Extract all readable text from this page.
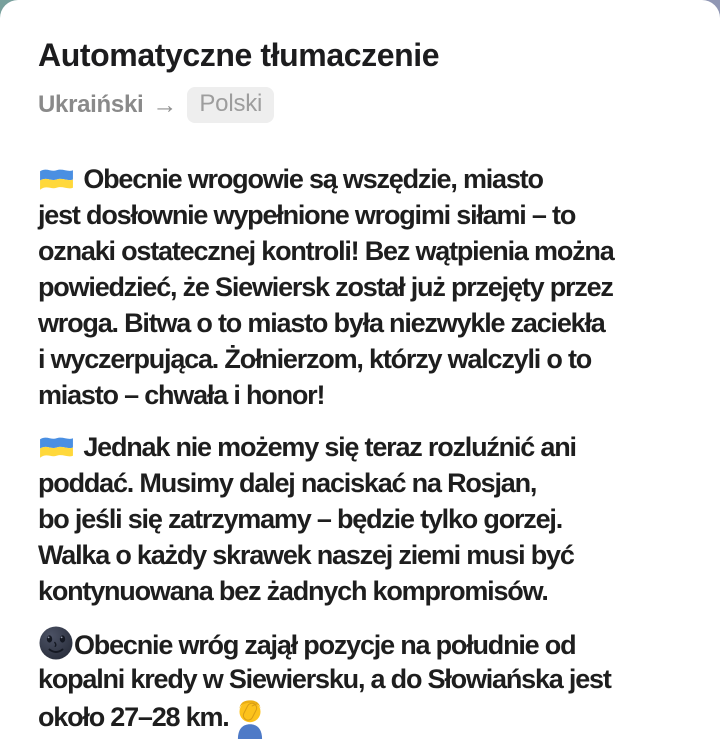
Automatyczne tłumaczenie
Ukraiński → Polski
Obecnie wrogowie są wszędzie, miasto
jest dosłownie wypełnione wrogimi siłami – to
oznaki ostatecznej kontroli! Bez wątpienia można
powiedzieć, że Siewiersk został już przejęty przez
wroga. Bitwa o to miasto była niezwykle zaciekła
i wyczerpująca. Żołnierzom, którzy walczyli o to
miasto – chwała i honor!
Jednak nie możemy się teraz rozluźnić ani
poddać. Musimy dalej naciskać na Rosjan,
bo jeśli się zatrzymamy – będzie tylko gorzej.
Walka o każdy skrawek naszej ziemi musi być
kontynuowana bez żadnych kompromisów.
Obecnie wróg zajął pozycje na południe od
kopalni kredy w Siewiersku, a do Słowiańska jest
około 27–28 km.
